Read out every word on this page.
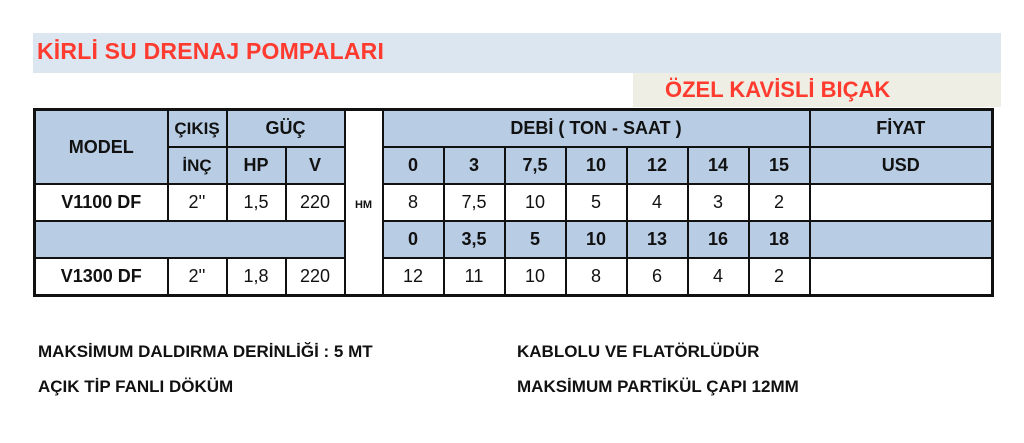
KİRLİ SU DRENAJ POMPALARI
ÖZEL KAVİSLİ BIÇAK
MODEL	ÇIKIŞ	GÜÇ		HM	DEBİ ( TON - SAAT )							FİYAT
	İNÇ	HP	V		0	3	7,5	10	12	14	15	USD
V1100 DF	2''	1,5	220		8	7,5	10	5	4	3	2	
					0	3,5	5	10	13	16	18	
V1300 DF	2''	1,8	220		12	11	10	8	6	4	2	
MAKSİMUM DALDIRMA DERİNLİĞİ : 5 MT
AÇIK TİP FANLI DÖKÜM
KABLOLU VE FLATÖRLÜDÜR
MAKSİMUM PARTİKÜL ÇAPI 12MM
